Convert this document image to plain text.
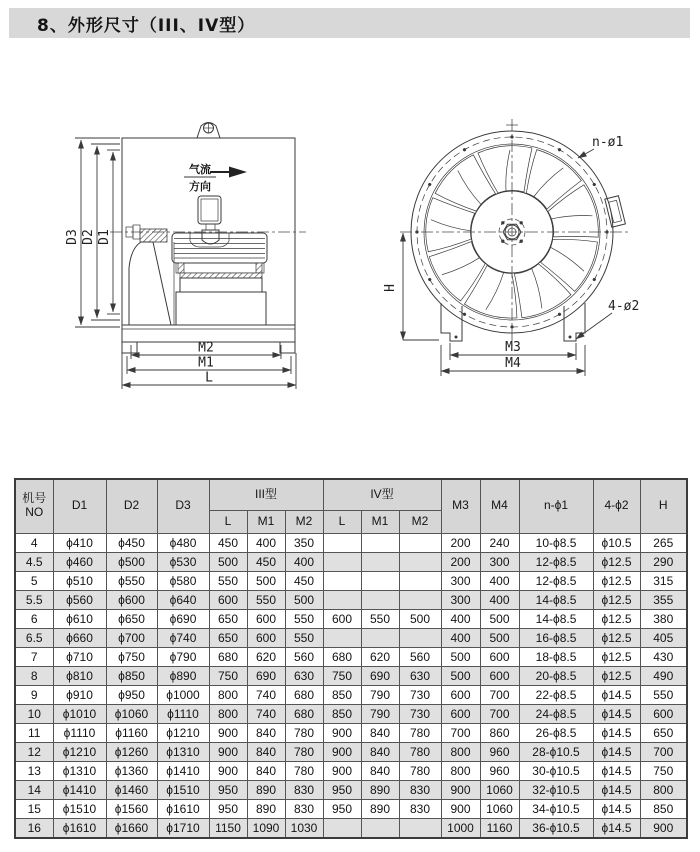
8、外形尺寸（III、IV型）
气流
方向
D3 D2 D1
M2
M1
L
H
M3
M4
n-ø1
4-ø2
机号
NO	D1	D2	D3	III型			IV型			M3	M4	n-ϕ1	4-ϕ2	H
				L	M1	M2	L	M1	M2					
4	ϕ410	ϕ450	ϕ480	450	400	350				200	240	10-ϕ8.5	ϕ10.5	265
4.5	ϕ460	ϕ500	ϕ530	500	450	400				200	300	12-ϕ8.5	ϕ12.5	290
5	ϕ510	ϕ550	ϕ580	550	500	450				300	400	12-ϕ8.5	ϕ12.5	315
5.5	ϕ560	ϕ600	ϕ640	600	550	500				300	400	14-ϕ8.5	ϕ12.5	355
6	ϕ610	ϕ650	ϕ690	650	600	550	600	550	500	400	500	14-ϕ8.5	ϕ12.5	380
6.5	ϕ660	ϕ700	ϕ740	650	600	550				400	500	16-ϕ8.5	ϕ12.5	405
7	ϕ710	ϕ750	ϕ790	680	620	560	680	620	560	500	600	18-ϕ8.5	ϕ12.5	430
8	ϕ810	ϕ850	ϕ890	750	690	630	750	690	630	500	600	20-ϕ8.5	ϕ12.5	490
9	ϕ910	ϕ950	ϕ1000	800	740	680	850	790	730	600	700	22-ϕ8.5	ϕ14.5	550
10	ϕ1010	ϕ1060	ϕ1110	800	740	680	850	790	730	600	700	24-ϕ8.5	ϕ14.5	600
11	ϕ1110	ϕ1160	ϕ1210	900	840	780	900	840	780	700	860	26-ϕ8.5	ϕ14.5	650
12	ϕ1210	ϕ1260	ϕ1310	900	840	780	900	840	780	800	960	28-ϕ10.5	ϕ14.5	700
13	ϕ1310	ϕ1360	ϕ1410	900	840	780	900	840	780	800	960	30-ϕ10.5	ϕ14.5	750
14	ϕ1410	ϕ1460	ϕ1510	950	890	830	950	890	830	900	1060	32-ϕ10.5	ϕ14.5	800
15	ϕ1510	ϕ1560	ϕ1610	950	890	830	950	890	830	900	1060	34-ϕ10.5	ϕ14.5	850
16	ϕ1610	ϕ1660	ϕ1710	1150	1090	1030				1000	1160	36-ϕ10.5	ϕ14.5	900
